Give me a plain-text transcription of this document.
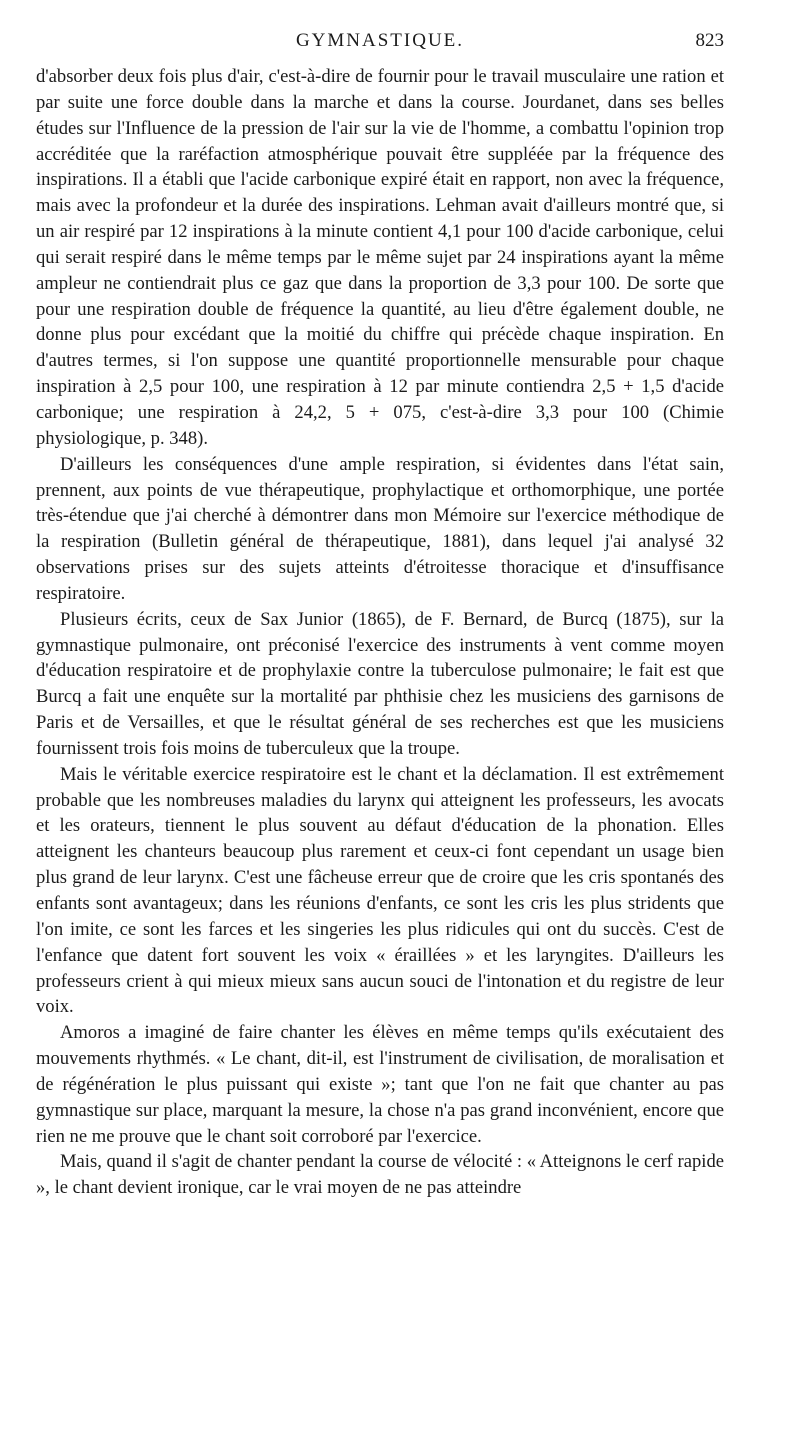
GYMNASTIQUE.	823

d'absorber deux fois plus d'air, c'est-à-dire de fournir pour le travail musculaire une ration et par suite une force double dans la marche et dans la course. Jourdanet, dans ses belles études sur l'Influence de la pression de l'air sur la vie de l'homme, a combattu l'opinion trop accréditée que la raréfaction atmosphérique pouvait être suppléée par la fréquence des inspirations. Il a établi que l'acide carbonique expiré était en rapport, non avec la fréquence, mais avec la profondeur et la durée des inspirations. Lehman avait d'ailleurs montré que, si un air respiré par 12 inspirations à la minute contient 4,1 pour 100 d'acide carbonique, celui qui serait respiré dans le même temps par le même sujet par 24 inspirations ayant la même ampleur ne contiendrait plus ce gaz que dans la proportion de 3,3 pour 100. De sorte que pour une respiration double de fréquence la quantité, au lieu d'être également double, ne donne plus pour excédant que la moitié du chiffre qui précède chaque inspiration. En d'autres termes, si l'on suppose une quantité proportionnelle mensurable pour chaque inspiration à 2,5 pour 100, une respiration à 12 par minute contiendra 2,5 + 1,5 d'acide carbonique; une respiration à 24,2, 5 + 075, c'est-à-dire 3,3 pour 100 (Chimie physiologique, p. 348).

D'ailleurs les conséquences d'une ample respiration, si évidentes dans l'état sain, prennent, aux points de vue thérapeutique, prophylactique et orthomorphique, une portée très-étendue que j'ai cherché à démontrer dans mon Mémoire sur l'exercice méthodique de la respiration (Bulletin général de thérapeutique, 1881), dans lequel j'ai analysé 32 observations prises sur des sujets atteints d'étroitesse thoracique et d'insuffisance respiratoire.

Plusieurs écrits, ceux de Sax Junior (1865), de F. Bernard, de Burcq (1875), sur la gymnastique pulmonaire, ont préconisé l'exercice des instruments à vent comme moyen d'éducation respiratoire et de prophylaxie contre la tuberculose pulmonaire; le fait est que Burcq a fait une enquête sur la mortalité par phthisie chez les musiciens des garnisons de Paris et de Versailles, et que le résultat général de ses recherches est que les musiciens fournissent trois fois moins de tuberculeux que la troupe.

Mais le véritable exercice respiratoire est le chant et la déclamation. Il est extrêmement probable que les nombreuses maladies du larynx qui atteignent les professeurs, les avocats et les orateurs, tiennent le plus souvent au défaut d'éducation de la phonation. Elles atteignent les chanteurs beaucoup plus rarement et ceux-ci font cependant un usage bien plus grand de leur larynx. C'est une fâcheuse erreur que de croire que les cris spontanés des enfants sont avantageux; dans les réunions d'enfants, ce sont les cris les plus stridents que l'on imite, ce sont les farces et les singeries les plus ridicules qui ont du succès. C'est de l'enfance que datent fort souvent les voix « éraillées » et les laryngites. D'ailleurs les professeurs crient à qui mieux mieux sans aucun souci de l'intonation et du registre de leur voix.

Amoros a imaginé de faire chanter les élèves en même temps qu'ils exécutaient des mouvements rhythmés. « Le chant, dit-il, est l'instrument de civilisation, de moralisation et de régénération le plus puissant qui existe »; tant que l'on ne fait que chanter au pas gymnastique sur place, marquant la mesure, la chose n'a pas grand inconvénient, encore que rien ne me prouve que le chant soit corroboré par l'exercice.

Mais, quand il s'agit de chanter pendant la course de vélocité : « Atteignons le cerf rapide », le chant devient ironique, car le vrai moyen de ne pas atteindre
